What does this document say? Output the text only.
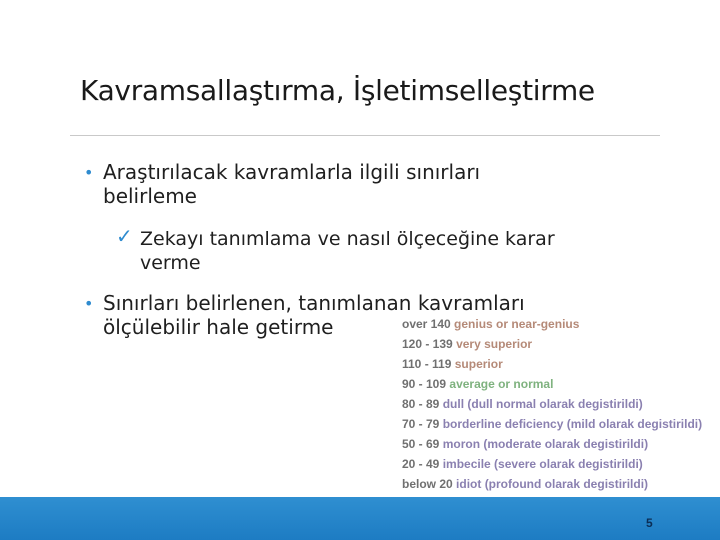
Kavramsallaştırma, İşletimselleştirme
• Araştırılacak kavramlarla ilgili sınırları belirleme
✓ Zekayı tanımlama ve nasıl ölçeceğine karar verme
• Sınırları belirlenen, tanımlanan kavramları ölçülebilir hale getirme	over 140 genius or near-genius
120 - 139 very superior
110 - 119 superior
90 - 109 average or normal
80 - 89 dull (dull normal olarak degistirildi)
70 - 79 borderline deficiency (mild olarak degistirildi)
50 - 69 moron (moderate olarak degistirildi)
20 - 49 imbecile (severe olarak degistirildi)
below 20 idiot (profound olarak degistirildi)
5
